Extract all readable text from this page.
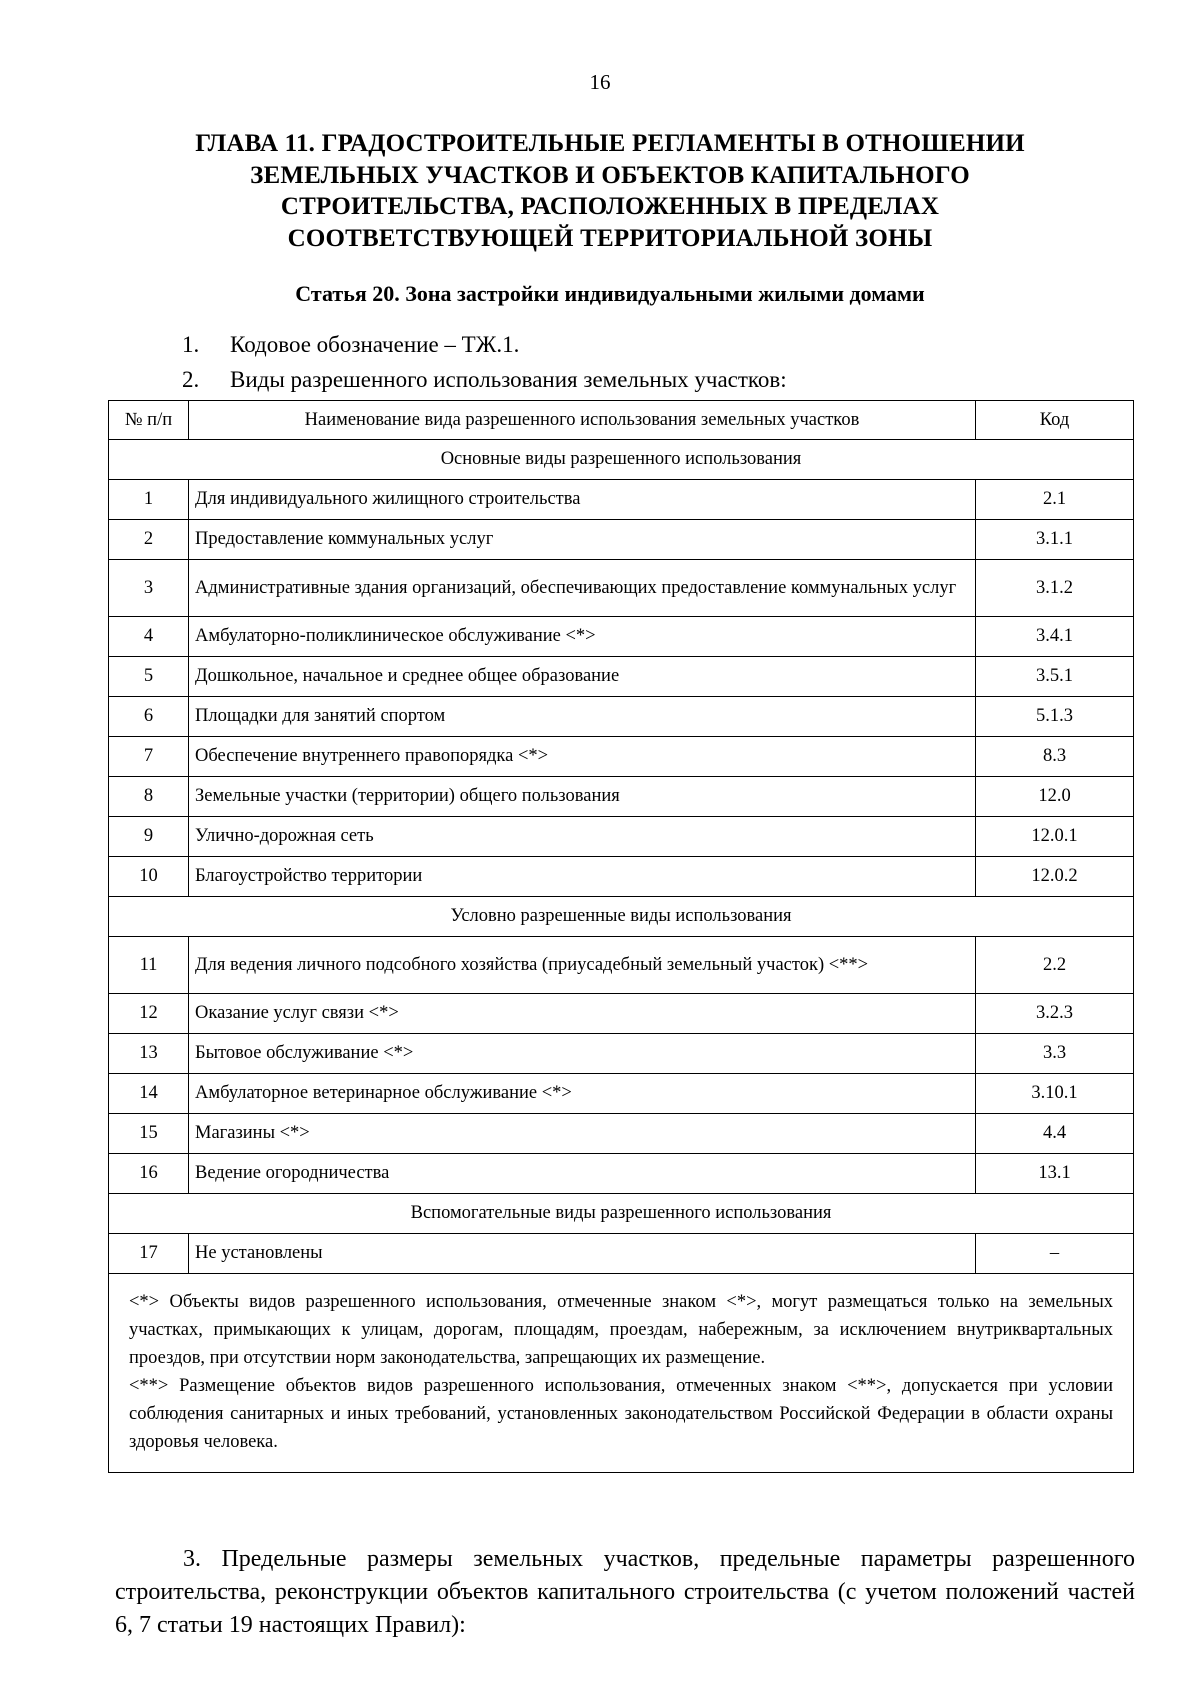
16
ГЛАВА 11. ГРАДОСТРОИТЕЛЬНЫЕ РЕГЛАМЕНТЫ В ОТНОШЕНИИ ЗЕМЕЛЬНЫХ УЧАСТКОВ И ОБЪЕКТОВ КАПИТАЛЬНОГО СТРОИТЕЛЬСТВА, РАСПОЛОЖЕННЫХ В ПРЕДЕЛАХ СООТВЕТСТВУЮЩЕЙ ТЕРРИТОРИАЛЬНОЙ ЗОНЫ
Статья 20. Зона застройки индивидуальными жилыми домами
1. Кодовое обозначение – ТЖ.1.
2. Виды разрешенного использования земельных участков:
№ п/п	Наименование вида разрешенного использования земельных участков	Код
Основные виды разрешенного использования		
1	Для индивидуального жилищного строительства	2.1
2	Предоставление коммунальных услуг	3.1.1
3	Административные здания организаций, обеспечивающих предоставление коммунальных услуг	3.1.2
4	Амбулаторно-поликлиническое обслуживание <*>	3.4.1
5	Дошкольное, начальное и среднее общее образование	3.5.1
6	Площадки для занятий спортом	5.1.3
7	Обеспечение внутреннего правопорядка <*>	8.3
8	Земельные участки (территории) общего пользования	12.0
9	Улично-дорожная сеть	12.0.1
10	Благоустройство территории	12.0.2
Условно разрешенные виды использования		
11	Для ведения личного подсобного хозяйства (приусадебный земельный участок) <**>	2.2
12	Оказание услуг связи <*>	3.2.3
13	Бытовое обслуживание <*>	3.3
14	Амбулаторное ветеринарное обслуживание <*>	3.10.1
15	Магазины <*>	4.4
16	Ведение огородничества	13.1
Вспомогательные виды разрешенного использования		
17	Не установлены	–

<*> Объекты видов разрешенного использования, отмеченные знаком <*>, могут размещаться только на земельных участках, примыкающих к улицам, дорогам, площадям, проездам, набережным, за исключением внутриквартальных проездов, при отсутствии норм законодательства, запрещающих их размещение.

<**> Размещение объектов видов разрешенного использования, отмеченных знаком <**>, допускается при условии соблюдения санитарных и иных требований, установленных законодательством Российской Федерации в области охраны здоровья человека.		

3. Предельные размеры земельных участков, предельные параметры разрешенного строительства, реконструкции объектов капитального строительства (с учетом положений частей 6, 7 статьи 19 настоящих Правил):
